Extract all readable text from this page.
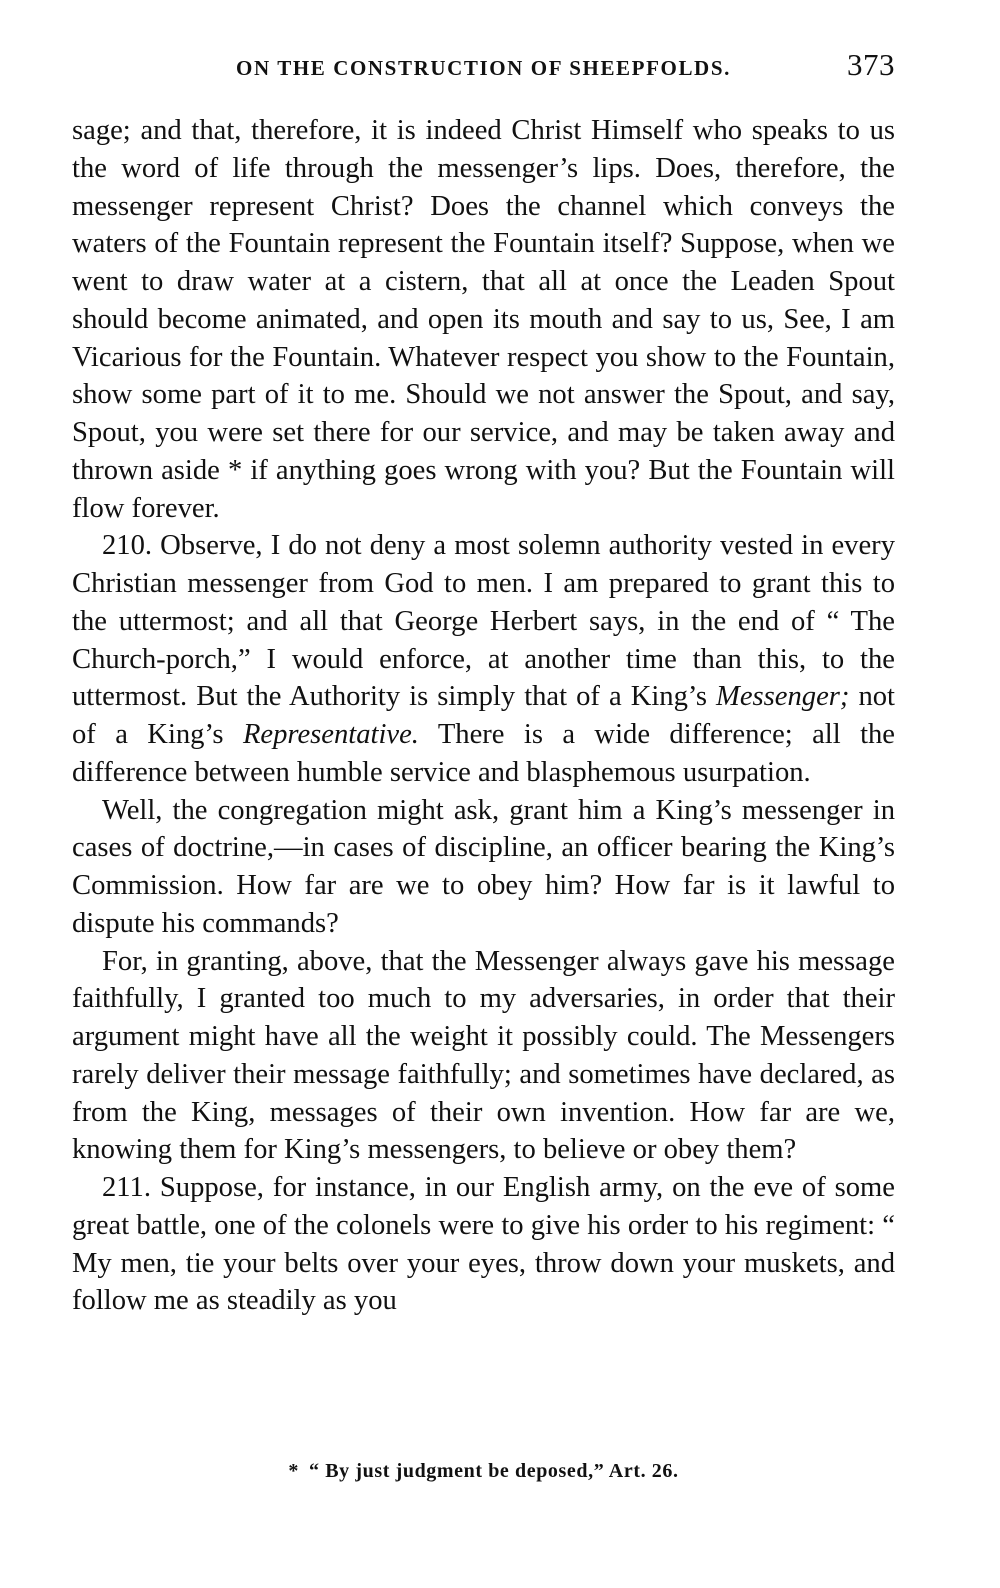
ON THE CONSTRUCTION OF SHEEPFOLDS.	373

sage; and that, therefore, it is indeed Christ Himself who speaks to us the word of life through the messenger’s lips. Does, therefore, the messenger represent Christ? Does the channel which conveys the waters of the Fountain represent the Fountain itself? Suppose, when we went to draw water at a cistern, that all at once the Leaden Spout should become animated, and open its mouth and say to us, See, I am Vicarious for the Fountain. Whatever respect you show to the Fountain, show some part of it to me. Should we not answer the Spout, and say, Spout, you were set there for our service, and may be taken away and thrown aside * if anything goes wrong with you? But the Fountain will flow forever.

210. Observe, I do not deny a most solemn authority vested in every Christian messenger from God to men. I am prepared to grant this to the uttermost; and all that George Herbert says, in the end of “ The Church-porch,” I would enforce, at another time than this, to the uttermost. But the Authority is simply that of a King’s Messenger; not of a King’s Representative. There is a wide difference; all the difference between humble service and blasphemous usurpation.

Well, the congregation might ask, grant him a King’s messenger in cases of doctrine,—in cases of discipline, an officer bearing the King’s Commission. How far are we to obey him? How far is it lawful to dispute his commands?

For, in granting, above, that the Messenger always gave his message faithfully, I granted too much to my adversaries, in order that their argument might have all the weight it possibly could. The Messengers rarely deliver their message faithfully; and sometimes have declared, as from the King, messages of their own invention. How far are we, knowing them for King’s messengers, to believe or obey them?

211. Suppose, for instance, in our English army, on the eve of some great battle, one of the colonels were to give his order to his regiment: “ My men, tie your belts over your eyes, throw down your muskets, and follow me as steadily as you

* “ By just judgment be deposed,” Art. 26.
